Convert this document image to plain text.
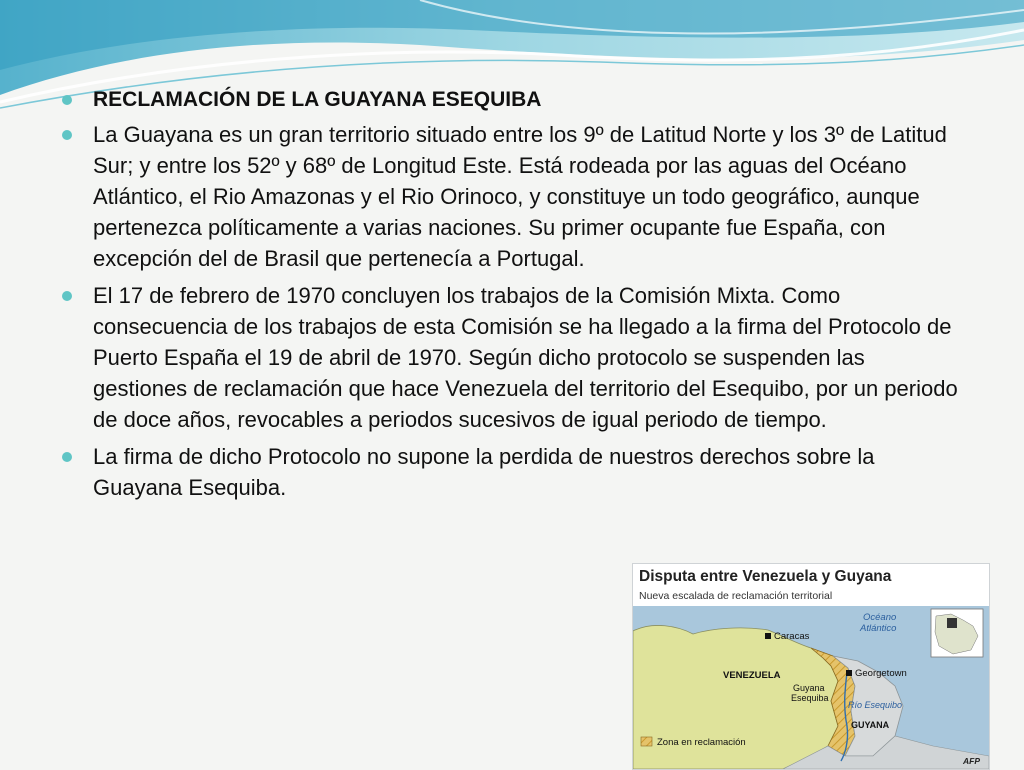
RECLAMACIÓN DE LA GUAYANA ESEQUIBA
La Guayana es un gran territorio situado entre los 9º de Latitud Norte y los 3º de Latitud Sur; y entre los 52º y 68º de Longitud Este. Está rodeada por las aguas del Océano Atlántico, el Rio Amazonas y el Rio Orinoco, y constituye un todo geográfico, aunque pertenezca políticamente a varias naciones. Su primer ocupante fue España, con excepción del de Brasil que pertenecía a Portugal.
El 17 de febrero de 1970 concluyen los trabajos de la Comisión Mixta. Como consecuencia de los trabajos de esta Comisión se ha llegado a la firma del Protocolo de Puerto España el 19 de abril de 1970. Según dicho protocolo se suspenden las gestiones de reclamación que hace Venezuela del territorio del Esequibo, por un periodo de doce años, revocables a periodos sucesivos de igual periodo de tiempo.
La firma de dicho Protocolo no supone la perdida de nuestros derechos sobre la Guayana Esequiba.
Disputa entre Venezuela y Guyana
Nueva escalada de reclamación territorial
Caracas
Océano
Atlántico
VENEZUELA	Georgetown
Guyana
Esequiba
Río Esequibo
GUYANA
Zona en reclamación
AFP
